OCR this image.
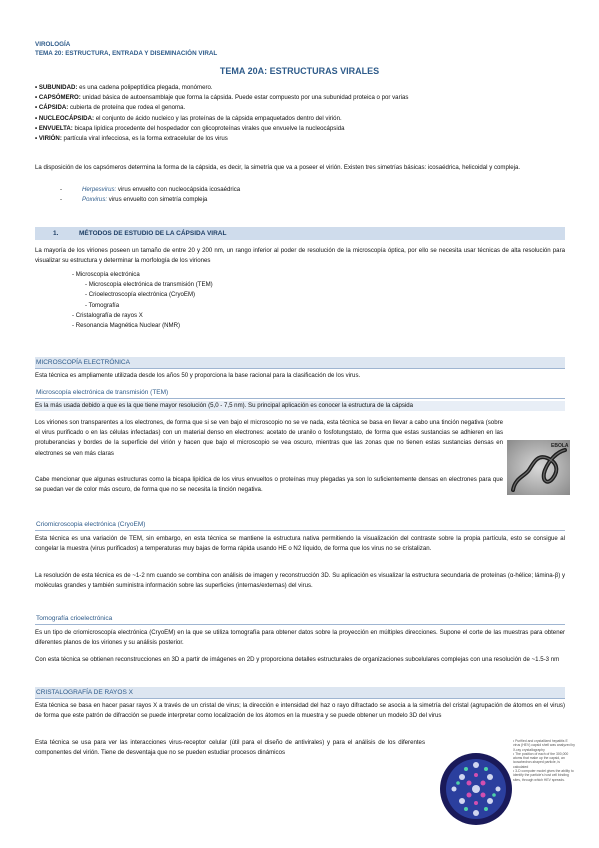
VIROLOGÍA
TEMA 20: ESTRUCTURA, ENTRADA Y DISEMINACIÓN VIRAL
TEMA 20A: ESTRUCTURAS VIRALES
• SUBUNIDAD: es una cadena polipeptídica plegada, monómero.
• CAPSÓMERO: unidad básica de autoensamblaje que forma la cápsida. Puede estar compuesto por una subunidad proteica o por varias
• CÁPSIDA: cubierta de proteína que rodea el genoma.
• NUCLEOCÁPSIDA: el conjunto de ácido nucleico y las proteínas de la cápsida empaquetados dentro del virión.
• ENVUELTA: bicapa lipídica procedente del hospedador con glicoproteínas virales que envuelve la nucleocápsida
• VIRIÓN: partícula viral infecciosa, es la forma extracelular de los virus
La disposición de los capsómeros determina la forma de la cápsida, es decir, la simetría que va a poseer el virión. Existen tres simetrías básicas: icosaédrica, helicoidal y compleja.
-	Herpesvirus: virus envuelto con nucleocápsida icosaédrica
-	Poxvirus: virus envuelto con simetría compleja
1.	MÉTODOS DE ESTUDIO DE LA CÁPSIDA VIRAL
La mayoría de los viriones poseen un tamaño de entre 20 y 200 nm, un rango inferior al poder de resolución de la microscopía óptica, por ello se necesita usar técnicas de alta resolución para visualizar su estructura y determinar la morfología de los viriones
- Microscopía electrónica
- Microscopía electrónica de transmisión (TEM)
- Crioelectroscopía electrónica (CryoEM)
- Tomografía
- Cristalografía de rayos X
- Resonancia Magnética Nuclear (NMR)
MICROSCOPÍA ELECTRÓNICA
Esta técnica es ampliamente utilizada desde los años 50 y proporciona la base racional para la clasificación de los virus.
Microscopía electrónica de transmisión (TEM)
Es la más usada debido a que es la que tiene mayor resolución (5,0 - 7,5 nm). Su principal aplicación es conocer la estructura de la cápsida
Los viriones son transparentes a los electrones, de forma que si se ven bajo el microscopio no se ve nada, esta técnica se basa en llevar a cabo una tinción negativa (sobre el virus purificado o en las células infectadas) con un material denso en electrones: acetato de uranilo o fosfotungstato, de forma que estas sustancias se adhieren en las protuberancias y bordes de la superficie del virión y hacen que bajo el microscopio se vea oscuro, mientras que las zonas que no tienen estas sustancias densas en electrones se ven más claras
Cabe mencionar que algunas estructuras como la bicapa lipídica de los virus envueltos o proteínas muy plegadas ya son lo suficientemente densas en electrones para que se puedan ver de color más oscuro, de forma que no se necesita la tinción negativa.
EBOLA
Criomicroscopia electrónica (CryoEM)
Esta técnica es una variación de TEM, sin embargo, en esta técnica se mantiene la estructura nativa permitiendo la visualización del contraste sobre la propia partícula, esto se consigue al congelar la muestra (virus purificados) a temperaturas muy bajas de forma rápida usando HE o N2 líquido, de forma que los virus no se cristalizan.
La resolución de esta técnica es de ~1-2 nm cuando se combina con análisis de imagen y reconstrucción 3D. Su aplicación es visualizar la estructura secundaria de proteínas (α-hélice; lámina-β) y moléculas grandes y también suministra información sobre las superficies (internas/externas) del virus.
Tomografía crioelectrónica
Es un tipo de criomicroscopía electrónica (CryoEM) en la que se utiliza tomografía para obtener datos sobre la proyección en múltiples direcciones. Supone el corte de las muestras para obtener diferentes planos de los viriones y su análisis posterior.
Con esta técnica se obtienen reconstrucciones en 3D a partir de imágenes en 2D y proporciona detalles estructurales de organizaciones subcelulares complejas con una resolución de ~1.5-3 nm
CRISTALOGRAFÍA DE RAYOS X
Esta técnica se basa en hacer pasar rayos X a través de un cristal de virus; la dirección e intensidad del haz o rayo difractado se asocia a la simetría del cristal (agrupación de átomos en el virus) de forma que este patrón de difracción se puede interpretar como localización de los átomos en la muestra y se puede obtener un modelo 3D del virus
Esta técnica se usa para ver las interacciones virus-receptor celular (útil para el diseño de antivirales) y para el análisis de los diferentes componentes del virión. Tiene de desventaja que no se pueden estudiar procesos dinámicos
• Purified and crystallized hepatitis E virus (HEV) capsid shell was analyzed by X-ray crystallography
• The position of each of the 300,000 atoms that make up the capsid, an icosahedron-shaped particle, is calculated
• 3-D computer model gives the ability to identify the particle's host cell binding sites, through which HEV spreads.
